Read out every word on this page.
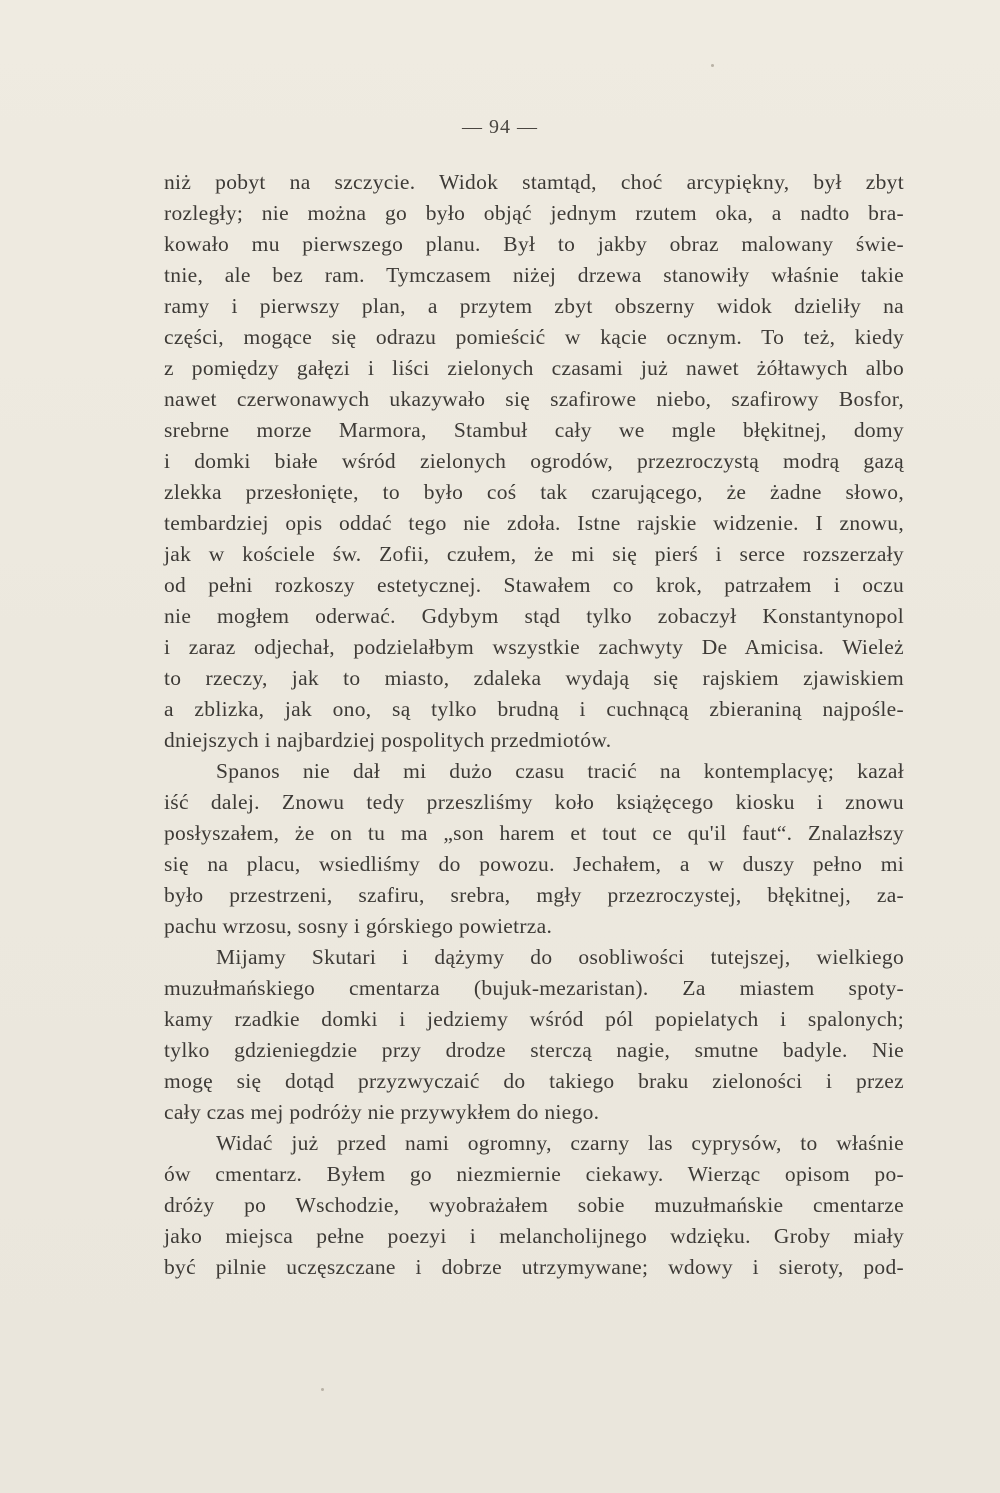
— 94 —
niż pobyt na szczycie. Widok stamtąd, choć arcypiękny, był zbyt
rozległy; nie można go było objąć jednym rzutem oka, a nadto bra-
kowało mu pierwszego planu. Był to jakby obraz malowany świe-
tnie, ale bez ram. Tymczasem niżej drzewa stanowiły właśnie takie
ramy i pierwszy plan, a przytem zbyt obszerny widok dzieliły na
części, mogące się odrazu pomieścić w kącie ocznym. To też, kiedy
z pomiędzy gałęzi i liści zielonych czasami już nawet żółtawych albo
nawet czerwonawych ukazywało się szafirowe niebo, szafirowy Bosfor,
srebrne morze Marmora, Stambuł cały we mgle błękitnej, domy
i domki białe wśród zielonych ogrodów, przezroczystą modrą gazą
zlekka przesłonięte, to było coś tak czarującego, że żadne słowo,
tembardziej opis oddać tego nie zdoła. Istne rajskie widzenie. I znowu,
jak w kościele św. Zofii, czułem, że mi się pierś i serce rozszerzały
od pełni rozkoszy estetycznej. Stawałem co krok, patrzałem i oczu
nie mogłem oderwać. Gdybym stąd tylko zobaczył Konstantynopol
i zaraz odjechał, podzielałbym wszystkie zachwyty De Amicisa. Wieleż
to rzeczy, jak to miasto, zdaleka wydają się rajskiem zjawiskiem
a zblizka, jak ono, są tylko brudną i cuchnącą zbieraniną najpośle-
dniejszych i najbardziej pospolitych przedmiotów.
Spanos nie dał mi dużo czasu tracić na kontemplacyę; kazał
iść dalej. Znowu tedy przeszliśmy koło książęcego kiosku i znowu
posłyszałem, że on tu ma „son harem et tout ce qu'il faut“. Znalazłszy
się na placu, wsiedliśmy do powozu. Jechałem, a w duszy pełno mi
było przestrzeni, szafiru, srebra, mgły przezroczystej, błękitnej, za-
pachu wrzosu, sosny i górskiego powietrza.
Mijamy Skutari i dążymy do osobliwości tutejszej, wielkiego
muzułmańskiego cmentarza (bujuk-mezaristan). Za miastem spoty-
kamy rzadkie domki i jedziemy wśród pól popielatych i spalonych;
tylko gdzieniegdzie przy drodze sterczą nagie, smutne badyle. Nie
mogę się dotąd przyzwyczaić do takiego braku zieloności i przez
cały czas mej podróży nie przywykłem do niego.
Widać już przed nami ogromny, czarny las cyprysów, to właśnie
ów cmentarz. Byłem go niezmiernie ciekawy. Wierząc opisom po-
dróży po Wschodzie, wyobrażałem sobie muzułmańskie cmentarze
jako miejsca pełne poezyi i melancholijnego wdzięku. Groby miały
być pilnie uczęszczane i dobrze utrzymywane; wdowy i sieroty, pod-
